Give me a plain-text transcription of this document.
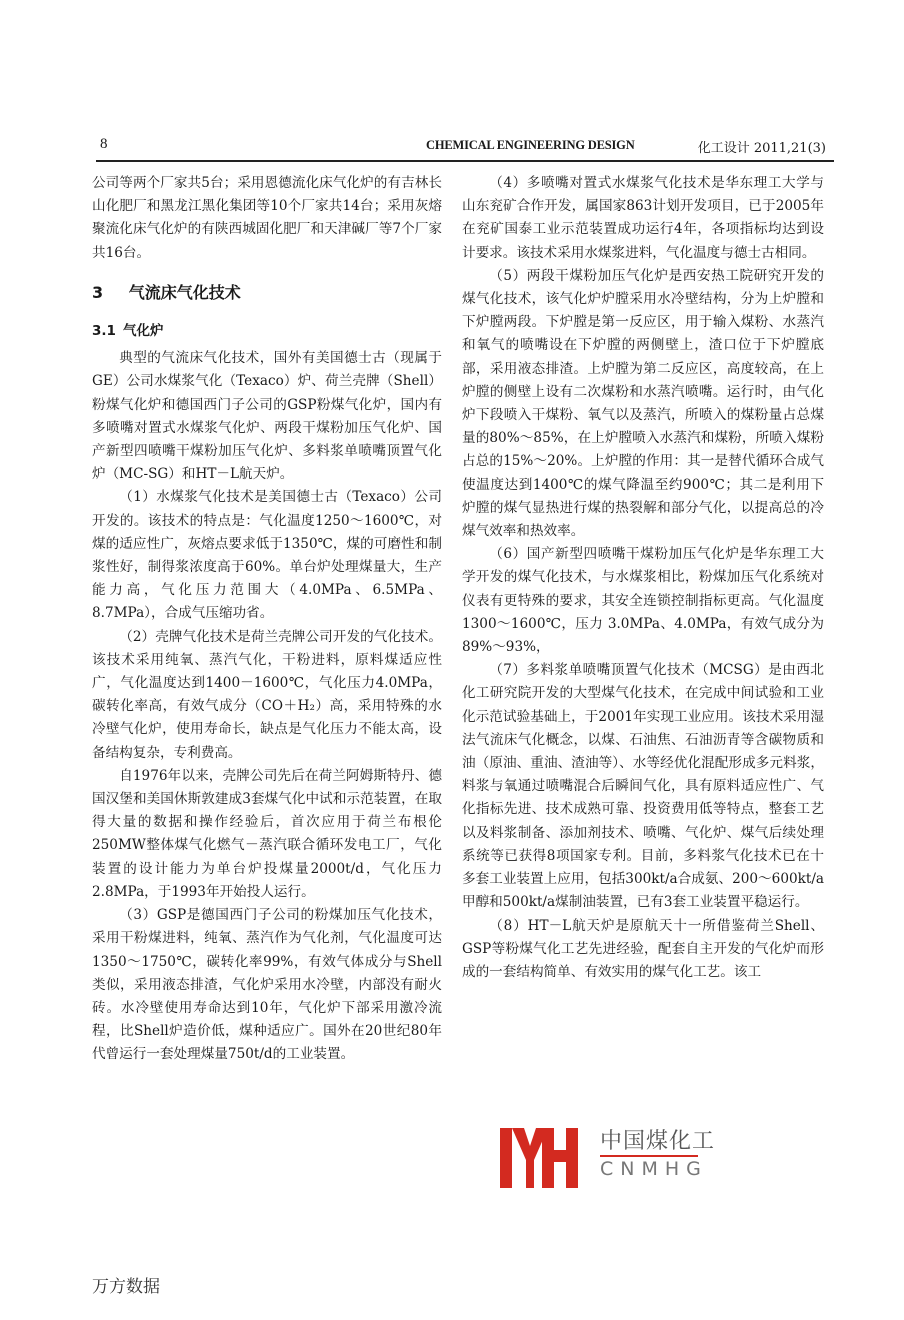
8	CHEMICAL ENGINEERING DESIGN	化工设计 2011,21(3)

公司等两个厂家共5台；采用恩德流化床气化炉的有吉林长山化肥厂和黑龙江黑化集团等10个厂家共14台；采用灰熔聚流化床气化炉的有陕西城固化肥厂和天津碱厂等7个厂家共16台。

3 气流床气化技术
3.1 气化炉

典型的气流床气化技术，国外有美国德士古（现属于GE）公司水煤浆气化（Texaco）炉、荷兰壳牌（Shell）粉煤气化炉和德国西门子公司的GSP粉煤气化炉，国内有多喷嘴对置式水煤浆气化炉、两段干煤粉加压气化炉、国产新型四喷嘴干煤粉加压气化炉、多料浆单喷嘴顶置气化炉（MC-SG）和HT－L航天炉。

（1）水煤浆气化技术是美国德士古（Texaco）公司开发的。该技术的特点是：气化温度1250～1600℃，对煤的适应性广，灰熔点要求低于1350℃，煤的可磨性和制浆性好，制得浆浓度高于60%。单台炉处理煤量大，生产能力高，气化压力范围大（4.0MPa、6.5MPa、8.7MPa），合成气压缩功省。

（2）壳牌气化技术是荷兰壳牌公司开发的气化技术。该技术采用纯氧、蒸汽气化，干粉进料，原料煤适应性广，气化温度达到1400－1600℃，气化压力4.0MPa，碳转化率高，有效气成分（CO＋H₂）高，采用特殊的水冷壁气化炉，使用寿命长，缺点是气化压力不能太高，设备结构复杂，专利费高。

自1976年以来，壳牌公司先后在荷兰阿姆斯特丹、德国汉堡和美国休斯敦建成3套煤气化中试和示范装置，在取得大量的数据和操作经验后，首次应用于荷兰布根伦250MW整体煤气化燃气－蒸汽联合循环发电工厂，气化装置的设计能力为单台炉投煤量2000t/d，气化压力2.8MPa，于1993年开始投人运行。

（3）GSP是德国西门子公司的粉煤加压气化技术，采用干粉煤进料，纯氧、蒸汽作为气化剂，气化温度可达1350～1750℃，碳转化率99%，有效气体成分与Shell类似，采用液态排渣，气化炉采用水冷壁，内部没有耐火砖。水冷壁使用寿命达到10年，气化炉下部采用激冷流程，比Shell炉造价低，煤种适应广。国外在20世纪80年代曾运行一套处理煤量750t/d的工业装置。

（4）多喷嘴对置式水煤浆气化技术是华东理工大学与山东兖矿合作开发，属国家863计划开发项目，已于2005年在兖矿国泰工业示范装置成功运行4年，各项指标均达到设计要求。该技术采用水煤浆进料，气化温度与德士古相同。

（5）两段干煤粉加压气化炉是西安热工院研究开发的煤气化技术，该气化炉炉膛采用水冷壁结构，分为上炉膛和下炉膛两段。下炉膛是第一反应区，用于输入煤粉、水蒸汽和氧气的喷嘴设在下炉膛的两侧壁上，渣口位于下炉膛底部，采用液态排渣。上炉膛为第二反应区，高度较高，在上炉膛的侧壁上设有二次煤粉和水蒸汽喷嘴。运行时，由气化炉下段喷入干煤粉、氧气以及蒸汽，所喷入的煤粉量占总煤量的80%～85%，在上炉膛喷入水蒸汽和煤粉，所喷入煤粉占总的15%～20%。上炉膛的作用：其一是替代循环合成气使温度达到1400℃的煤气降温至约900℃；其二是利用下炉膛的煤气显热进行煤的热裂解和部分气化，以提高总的冷煤气效率和热效率。

（6）国产新型四喷嘴干煤粉加压气化炉是华东理工大学开发的煤气化技术，与水煤浆相比，粉煤加压气化系统对仪表有更特殊的要求，其安全连锁控制指标更高。气化温度1300～1600℃，压力 3.0MPa、4.0MPa，有效气成分为89%～93%，

（7）多料浆单喷嘴顶置气化技术（MCSG）是由西北化工研究院开发的大型煤气化技术，在完成中间试验和工业化示范试验基础上，于2001年实现工业应用。该技术采用湿法气流床气化概念，以煤、石油焦、石油沥青等含碳物质和油（原油、重油、渣油等）、水等经优化混配形成多元料浆，料浆与氧通过喷嘴混合后瞬间气化，具有原料适应性广、气化指标先进、技术成熟可靠、投资费用低等特点，整套工艺以及料浆制备、添加剂技术、喷嘴、气化炉、煤气后续处理系统等已获得8项国家专利。目前，多料浆气化技术已在十多套工业装置上应用，包括300kt/a合成氨、200～600kt/a甲醇和500kt/a煤制油装置，已有3套工业装置平稳运行。

（8）HT－L航天炉是原航天十一所借鉴荷兰Shell、GSP等粉煤气化工艺先进经验，配套自主开发的气化炉而形成的一套结构简单、有效实用的煤气化工艺。该工

中国煤化工
CNMHG
万方数据
